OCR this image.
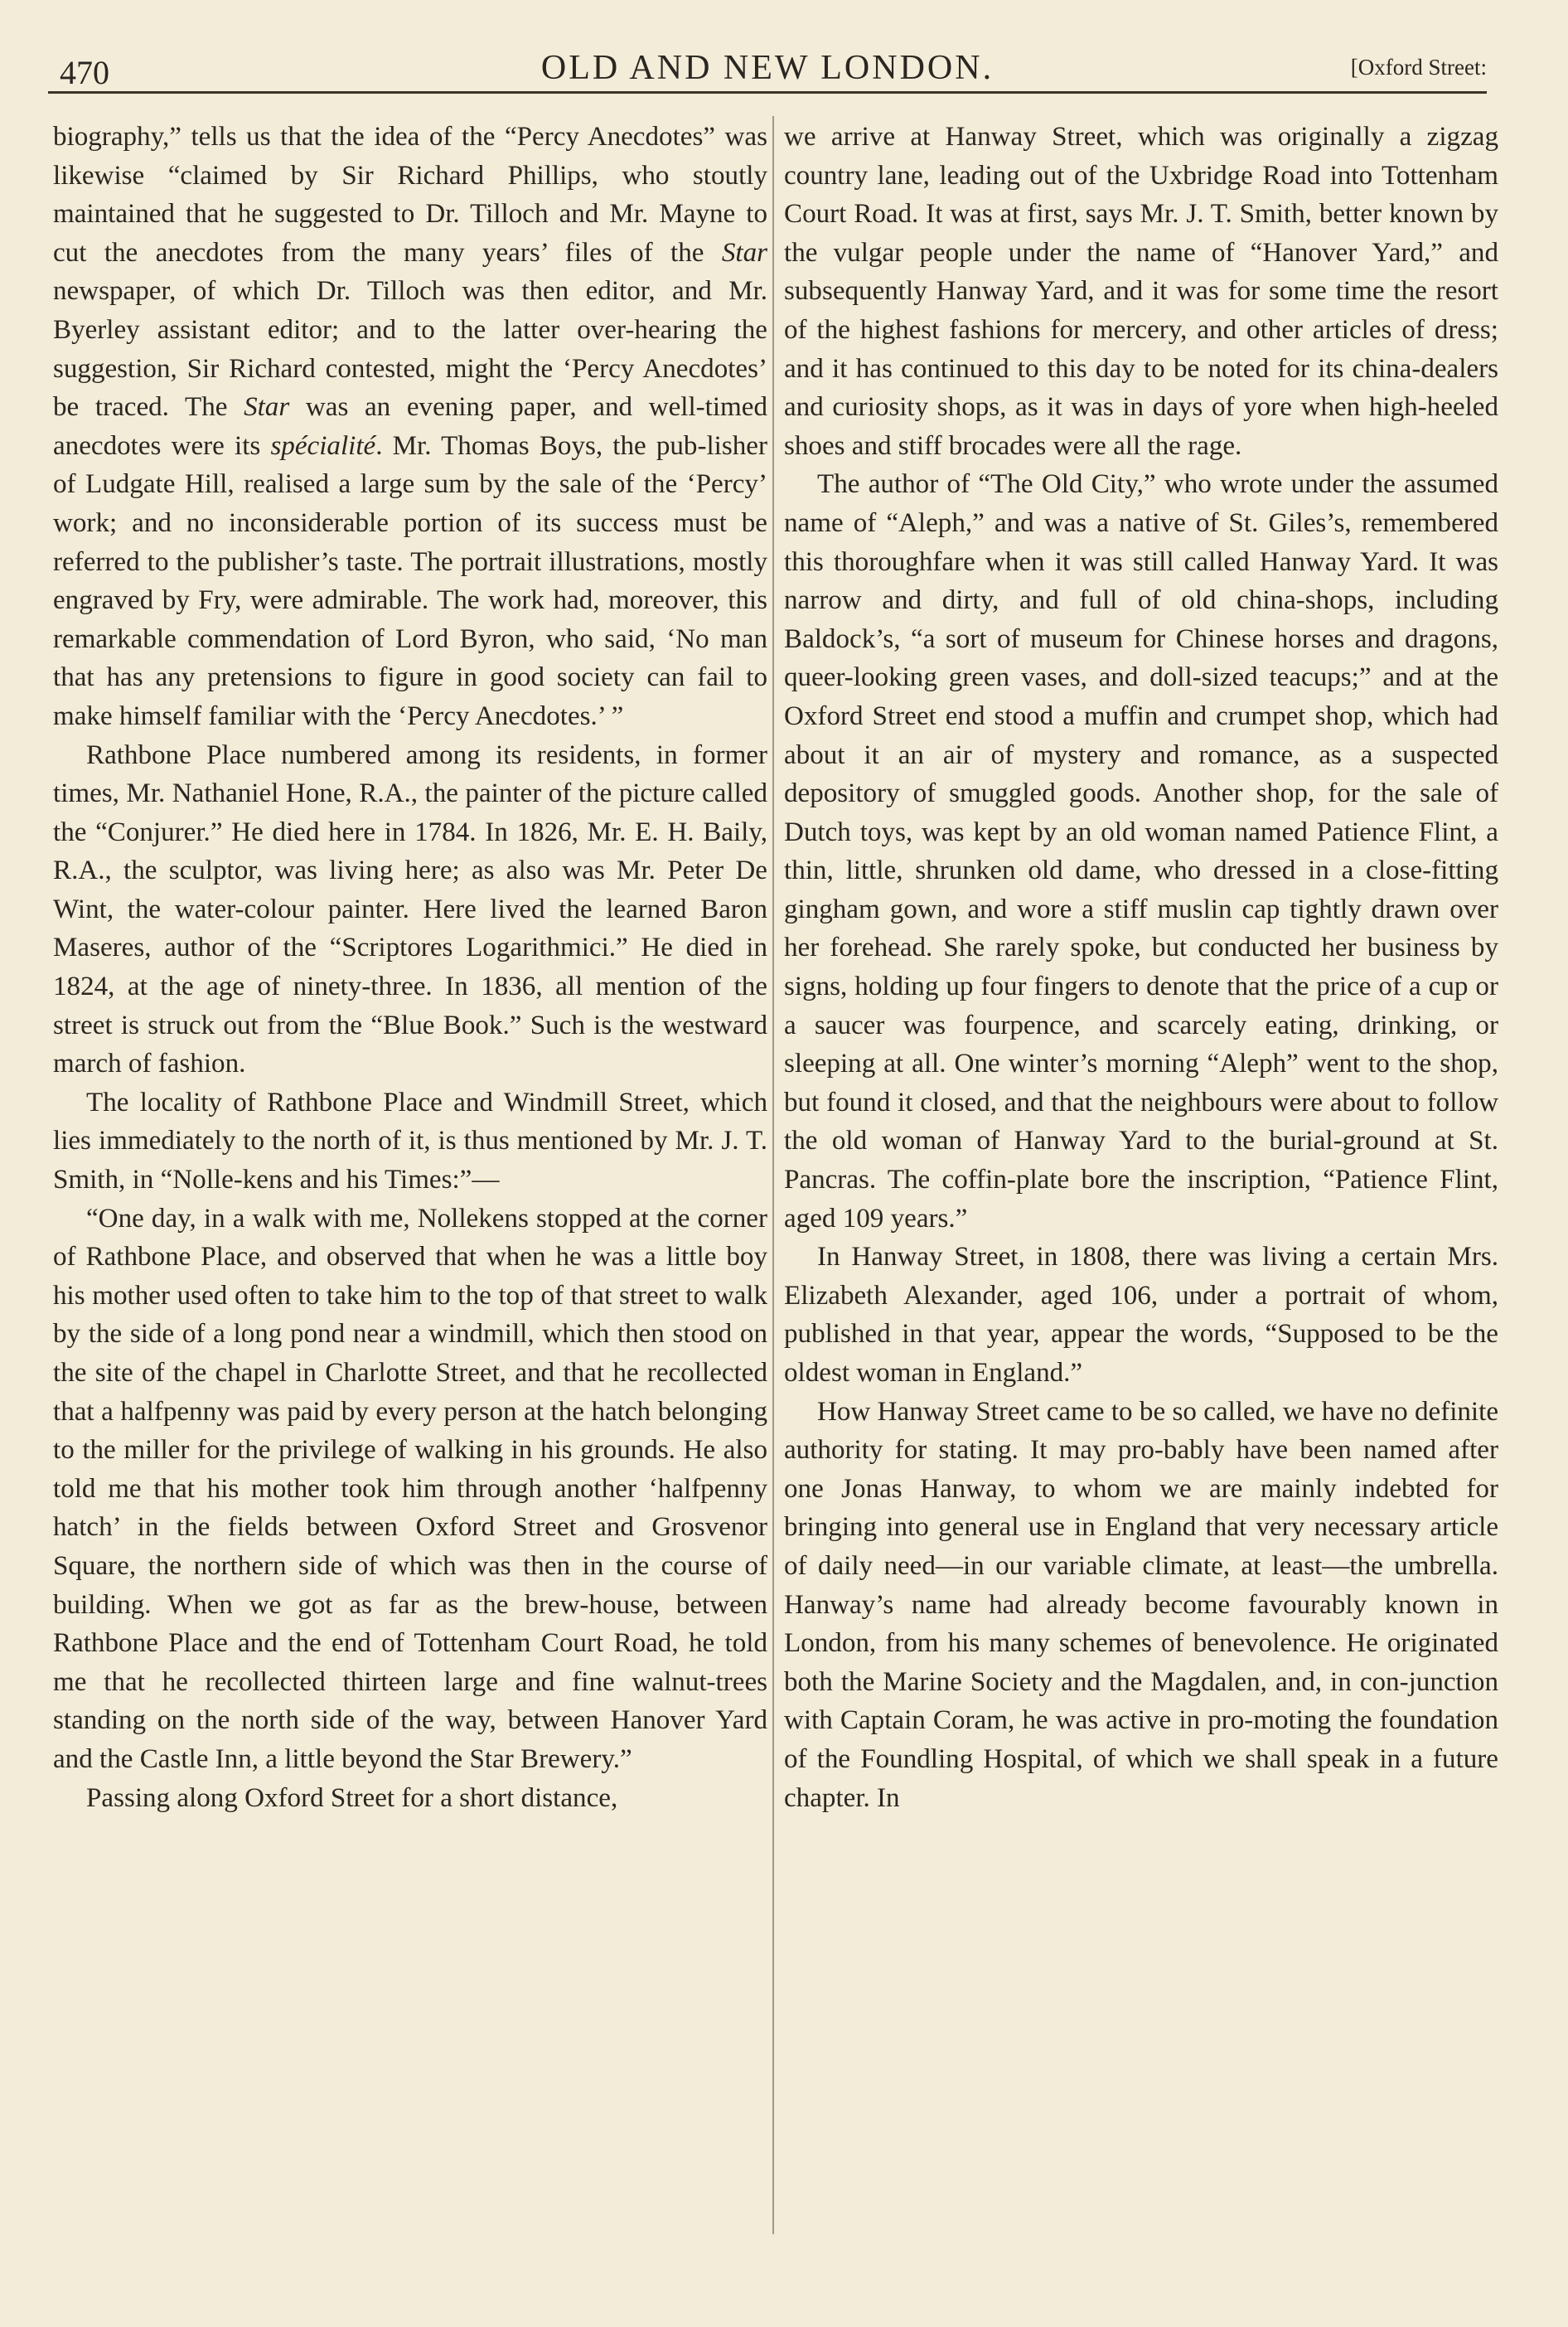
470	OLD AND NEW LONDON.	[Oxford Street:

biography,” tells us that the idea of the “Percy Anecdotes” was likewise “claimed by Sir Richard Phillips, who stoutly maintained that he suggested to Dr. Tilloch and Mr. Mayne to cut the anecdotes from the many years’ files of the Star newspaper, of which Dr. Tilloch was then editor, and Mr. Byerley assistant editor; and to the latter over-hearing the suggestion, Sir Richard contested, might the ‘Percy Anecdotes’ be traced. The Star was an evening paper, and well-timed anecdotes were its spécialité. Mr. Thomas Boys, the pub-lisher of Ludgate Hill, realised a large sum by the sale of the ‘Percy’ work; and no inconsiderable portion of its success must be referred to the publisher’s taste. The portrait illustrations, mostly engraved by Fry, were admirable. The work had, moreover, this remarkable commendation of Lord Byron, who said, ‘No man that has any pretensions to figure in good society can fail to make himself familiar with the ‘Percy Anecdotes.’ ”

Rathbone Place numbered among its residents, in former times, Mr. Nathaniel Hone, R.A., the painter of the picture called the “Conjurer.” He died here in 1784. In 1826, Mr. E. H. Baily, R.A., the sculptor, was living here; as also was Mr. Peter De Wint, the water-colour painter. Here lived the learned Baron Maseres, author of the “Scriptores Logarithmici.” He died in 1824, at the age of ninety-three. In 1836, all mention of the street is struck out from the “Blue Book.” Such is the westward march of fashion.

The locality of Rathbone Place and Windmill Street, which lies immediately to the north of it, is thus mentioned by Mr. J. T. Smith, in “Nolle-kens and his Times:”—

“One day, in a walk with me, Nollekens stopped at the corner of Rathbone Place, and observed that when he was a little boy his mother used often to take him to the top of that street to walk by the side of a long pond near a windmill, which then stood on the site of the chapel in Charlotte Street, and that he recollected that a halfpenny was paid by every person at the hatch belonging to the miller for the privilege of walking in his grounds. He also told me that his mother took him through another ‘halfpenny hatch’ in the fields between Oxford Street and Grosvenor Square, the northern side of which was then in the course of building. When we got as far as the brew-house, between Rathbone Place and the end of Tottenham Court Road, he told me that he recollected thirteen large and fine walnut-trees standing on the north side of the way, between Hanover Yard and the Castle Inn, a little beyond the Star Brewery.”

Passing along Oxford Street for a short distance,

we arrive at Hanway Street, which was originally a zigzag country lane, leading out of the Uxbridge Road into Tottenham Court Road. It was at first, says Mr. J. T. Smith, better known by the vulgar people under the name of “Hanover Yard,” and subsequently Hanway Yard, and it was for some time the resort of the highest fashions for mercery, and other articles of dress; and it has continued to this day to be noted for its china-dealers and curiosity shops, as it was in days of yore when high-heeled shoes and stiff brocades were all the rage.

The author of “The Old City,” who wrote under the assumed name of “Aleph,” and was a native of St. Giles’s, remembered this thoroughfare when it was still called Hanway Yard. It was narrow and dirty, and full of old china-shops, including Baldock’s, “a sort of museum for Chinese horses and dragons, queer-looking green vases, and doll-sized teacups;” and at the Oxford Street end stood a muffin and crumpet shop, which had about it an air of mystery and romance, as a suspected depository of smuggled goods. Another shop, for the sale of Dutch toys, was kept by an old woman named Patience Flint, a thin, little, shrunken old dame, who dressed in a close-fitting gingham gown, and wore a stiff muslin cap tightly drawn over her forehead. She rarely spoke, but conducted her business by signs, holding up four fingers to denote that the price of a cup or a saucer was fourpence, and scarcely eating, drinking, or sleeping at all. One winter’s morning “Aleph” went to the shop, but found it closed, and that the neighbours were about to follow the old woman of Hanway Yard to the burial-ground at St. Pancras. The coffin-plate bore the inscription, “Patience Flint, aged 109 years.”

In Hanway Street, in 1808, there was living a certain Mrs. Elizabeth Alexander, aged 106, under a portrait of whom, published in that year, appear the words, “Supposed to be the oldest woman in England.”

How Hanway Street came to be so called, we have no definite authority for stating. It may pro-bably have been named after one Jonas Hanway, to whom we are mainly indebted for bringing into general use in England that very necessary article of daily need—in our variable climate, at least—the umbrella. Hanway’s name had already become favourably known in London, from his many schemes of benevolence. He originated both the Marine Society and the Magdalen, and, in con-junction with Captain Coram, he was active in pro-moting the foundation of the Foundling Hospital, of which we shall speak in a future chapter. In
